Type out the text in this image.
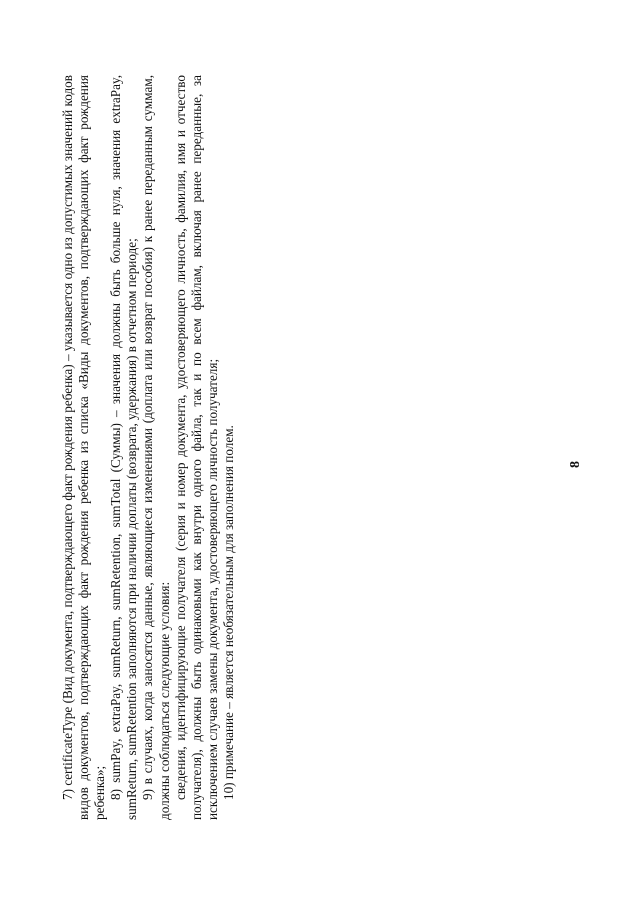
7) certificateType (Вид документа, подтверждающего факт рождения ребенка) – указывается одно из допустимых значений кодов видов документов, подтверждающих факт рождения ребенка из списка «Виды документов, подтверждающих факт рождения ребенка»; 8) sumPay, extraPay, sumReturn, sumRetention, sumTotal (Суммы) – значения должны быть больше нуля, значения extraPay, sumReturn, sumRetention заполняются при наличии доплаты (возврата, удержания) в отчетном периоде; 9) в случаях, когда заносятся данные, являющиеся изменениями (доплата или возврат пособия) к ранее переданным суммам, должны соблюдаться следующие условия: сведения, идентифицирующие получателя (серия и номер документа, удостоверяющего личность, фамилия, имя и отчество получателя), должны быть одинаковыми как внутри одного файла, так и по всем файлам, включая ранее переданные, за исключением случаев замены документа, удостоверяющего личность получателя; 10) примечание – является необязательным для заполнения полем.	8
